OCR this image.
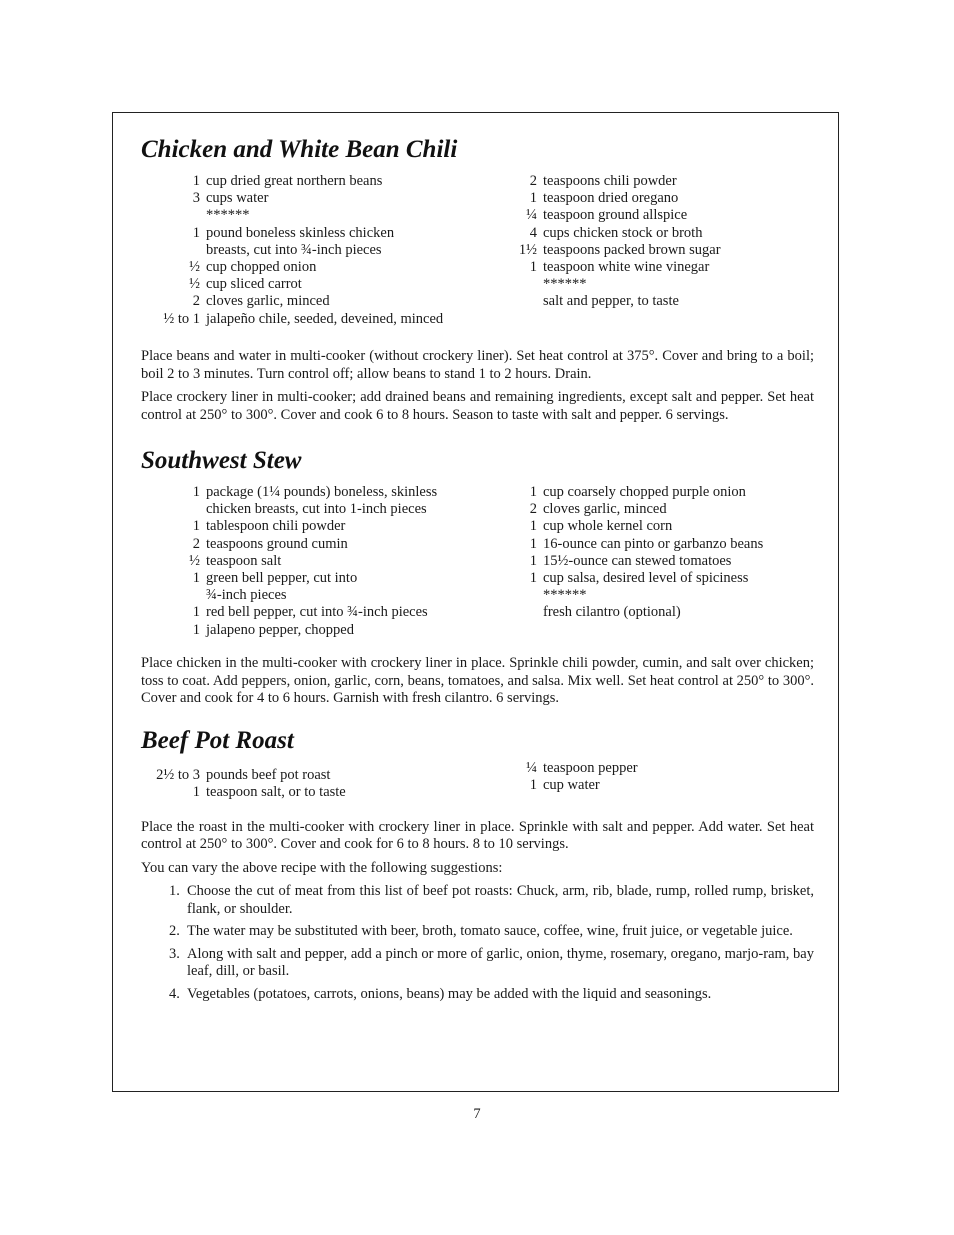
Chicken and White Bean Chili
1 cup dried great northern beans
3 cups water
******
1 pound boneless skinless chicken
breasts, cut into ¾-inch pieces
½ cup chopped onion
½ cup sliced carrot
2 cloves garlic, minced
½ to 1 jalapeño chile, seeded, deveined, minced
2 teaspoons chili powder
1 teaspoon dried oregano
¼ teaspoon ground allspice
4 cups chicken stock or broth
1½ teaspoons packed brown sugar
1 teaspoon white wine vinegar
******
salt and pepper, to taste

Place beans and water in multi-cooker (without crockery liner). Set heat control at 375°. Cover and bring to a boil; boil 2 to 3 minutes. Turn control off; allow beans to stand 1 to 2 hours. Drain.

Place crockery liner in multi-cooker; add drained beans and remaining ingredients, except salt and pepper. Set heat control at 250° to 300°. Cover and cook 6 to 8 hours. Season to taste with salt and pepper. 6 servings.

Southwest Stew
1 package (1¼ pounds) boneless, skinless
chicken breasts, cut into 1-inch pieces
1 tablespoon chili powder
2 teaspoons ground cumin
½ teaspoon salt
1 green bell pepper, cut into
¾-inch pieces
1 red bell pepper, cut into ¾-inch pieces
1 jalapeno pepper, chopped
1 cup coarsely chopped purple onion
2 cloves garlic, minced
1 cup whole kernel corn
1 16-ounce can pinto or garbanzo beans
1 15½-ounce can stewed tomatoes
1 cup salsa, desired level of spiciness
******
fresh cilantro (optional)

Place chicken in the multi-cooker with crockery liner in place. Sprinkle chili powder, cumin, and salt over chicken; toss to coat. Add peppers, onion, garlic, corn, beans, tomatoes, and salsa. Mix well. Set heat control at 250° to 300°. Cover and cook for 4 to 6 hours. Garnish with fresh cilantro. 6 servings.

Beef Pot Roast
2½ to 3 pounds beef pot roast
1 teaspoon salt, or to taste
¼ teaspoon pepper
1 cup water

Place the roast in the multi-cooker with crockery liner in place. Sprinkle with salt and pepper. Add water. Set heat control at 250° to 300°. Cover and cook for 6 to 8 hours. 8 to 10 servings.

You can vary the above recipe with the following suggestions:

1. Choose the cut of meat from this list of beef pot roasts: Chuck, arm, rib, blade, rump, rolled rump, brisket, flank, or shoulder.
2. The water may be substituted with beer, broth, tomato sauce, coffee, wine, fruit juice, or vegetable juice.
3. Along with salt and pepper, add a pinch or more of garlic, onion, thyme, rosemary, oregano, marjo-ram, bay leaf, dill, or basil.
4. Vegetables (potatoes, carrots, onions, beans) may be added with the liquid and seasonings.
7
